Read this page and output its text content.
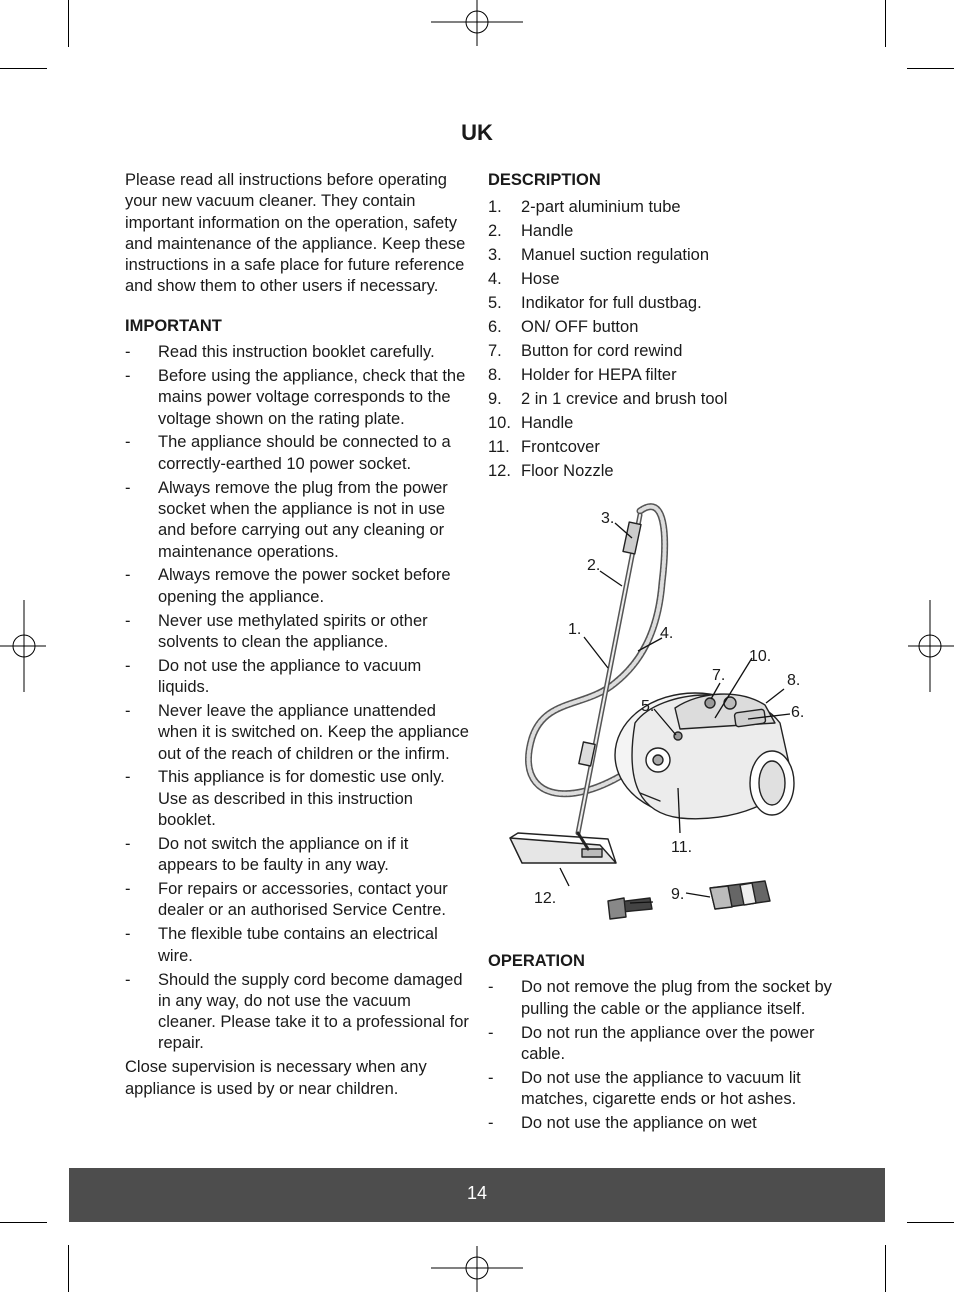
UK

Please read all instructions before operating your new vacuum cleaner. They contain important information on the operation, safety and maintenance of the appliance. Keep these instructions in a safe place for future reference and show them to other users if necessary.

IMPORTANT

- Read this instruction booklet carefully.
- Before using the appliance, check that the mains power voltage corresponds to the voltage shown on the rating plate.
- The appliance should be connected to a correctly-earthed 10 power socket.
- Always remove the plug from the power socket when the appliance is not in use and before carrying out any cleaning or maintenance operations.
- Always remove the power socket before opening the appliance.
- Never use methylated spirits or other solvents to clean the appliance.
- Do not use the appliance to vacuum liquids.
- Never leave the appliance unattended when it is switched on. Keep the appliance out of the reach of children or the infirm.
- This appliance is for domestic use only. Use as described in this instruction booklet.
- Do not switch the appliance on if it appears to be faulty in any way.
- For repairs or accessories, contact your dealer or an authorised Service Centre.
- The flexible tube contains an electrical wire.
- Should the supply cord become damaged in any way, do not use the vacuum cleaner. Please take it to a professional for repair.

Close supervision is necessary when any appliance is used by or near children.

DESCRIPTION

1. 2-part aluminium tube
2. Handle
3. Manuel suction regulation
4. Hose
5. Indikator for full dustbag.
6. ON/ OFF button
7. Button for cord rewind
8. Holder for HEPA filter
9. 2 in 1 crevice and brush tool
10. Handle
11. Frontcover
12. Floor Nozzle

OPERATION

- Do not remove the plug from the socket by pulling the cable or the appliance itself.
- Do not run the appliance over the power cable.
- Do not use the appliance to vacuum lit matches, cigarette ends or hot ashes.
- Do not use the appliance on wet
3.
2.
1.	4.
10.
7.	8.
5.	6.
11.
9.
12.
14
